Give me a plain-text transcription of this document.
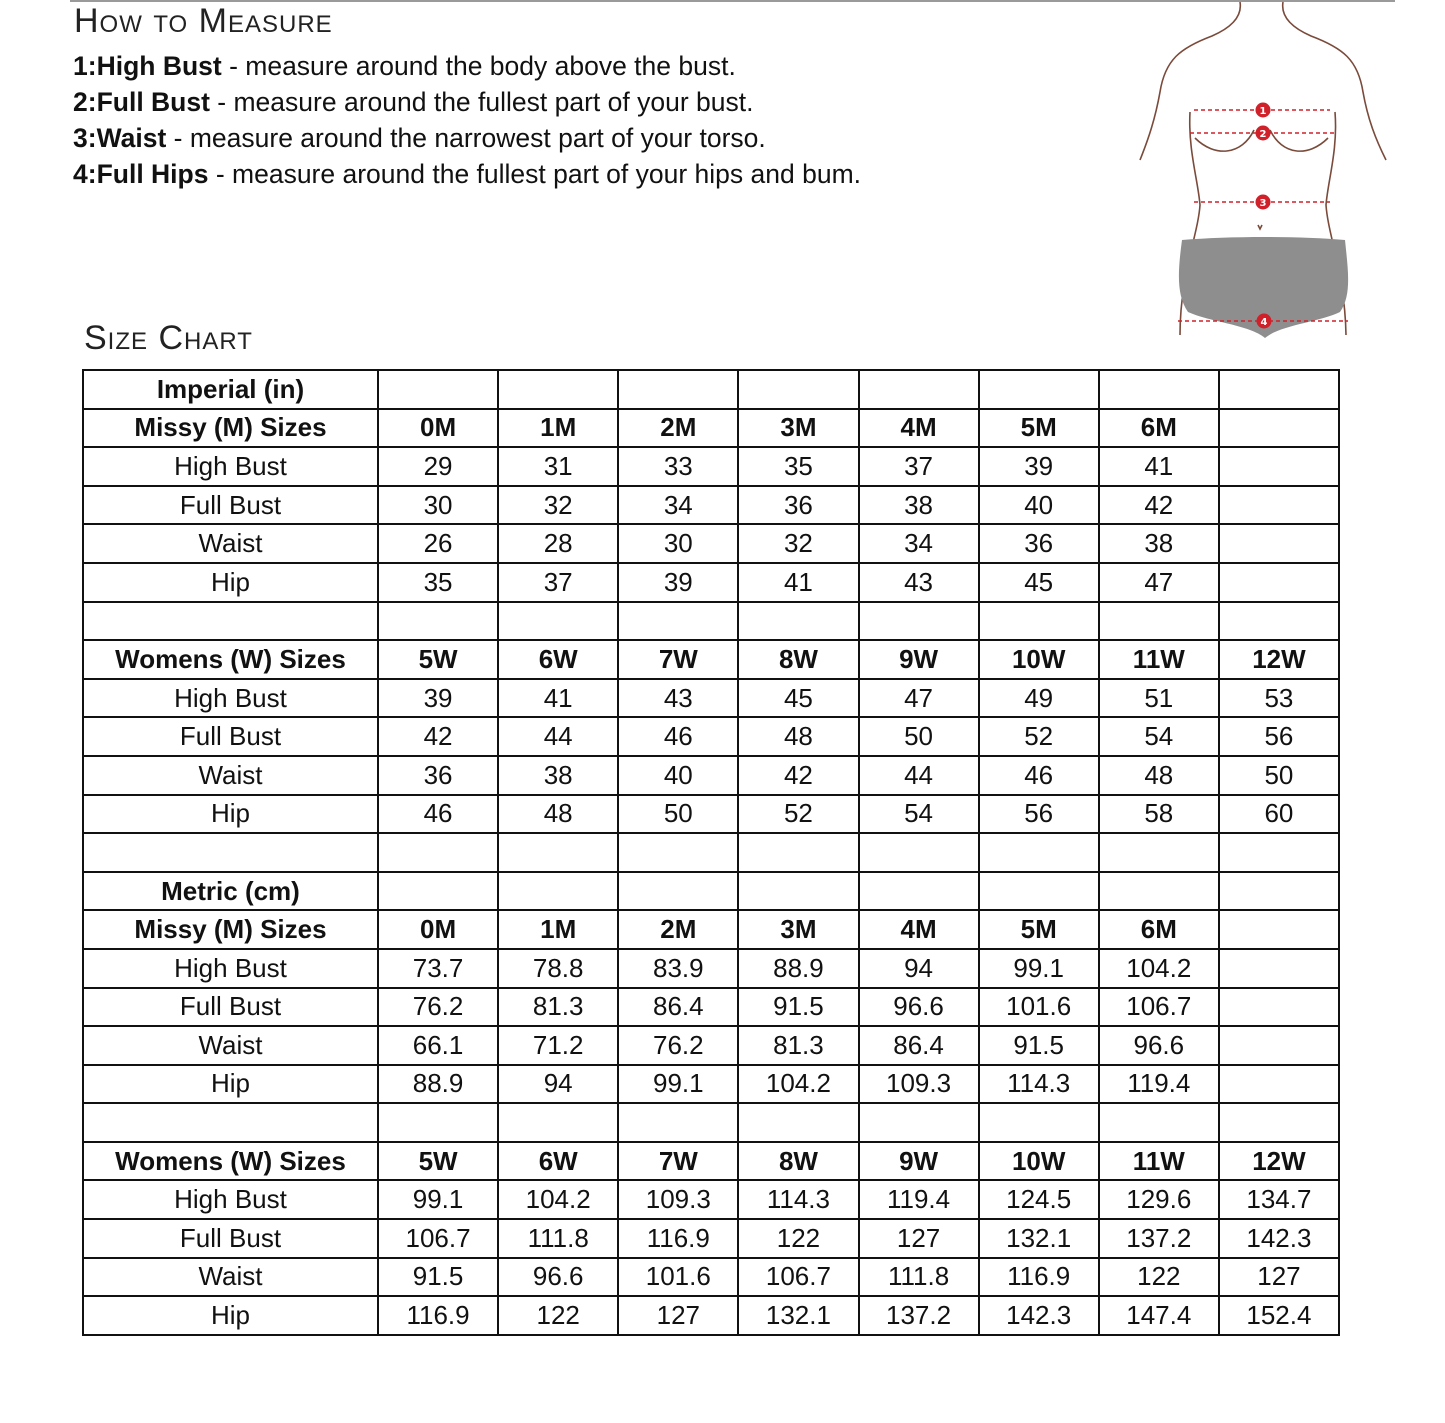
How to Measure
1:High Bust - measure around the body above the bust.
2:Full Bust - measure around the fullest part of your bust.
3:Waist - measure around the narrowest part of your torso.
4:Full Hips - measure around the fullest part of your hips and bum.
1
2
3
4
Size Chart
Imperial (in)								
Missy (M) Sizes	0M	1M	2M	3M	4M	5M	6M	
High Bust	29	31	33	35	37	39	41	
Full Bust	30	32	34	36	38	40	42	
Waist	26	28	30	32	34	36	38	
Hip	35	37	39	41	43	45	47	

Womens (W) Sizes	5W	6W	7W	8W	9W	10W	11W	12W
High Bust	39	41	43	45	47	49	51	53
Full Bust	42	44	46	48	50	52	54	56
Waist	36	38	40	42	44	46	48	50
Hip	46	48	50	52	54	56	58	60

Metric (cm)								
Missy (M) Sizes	0M	1M	2M	3M	4M	5M	6M	
High Bust	73.7	78.8	83.9	88.9	94	99.1	104.2	
Full Bust	76.2	81.3	86.4	91.5	96.6	101.6	106.7	
Waist	66.1	71.2	76.2	81.3	86.4	91.5	96.6	
Hip	88.9	94	99.1	104.2	109.3	114.3	119.4	

Womens (W) Sizes	5W	6W	7W	8W	9W	10W	11W	12W
High Bust	99.1	104.2	109.3	114.3	119.4	124.5	129.6	134.7
Full Bust	106.7	111.8	116.9	122	127	132.1	137.2	142.3
Waist	91.5	96.6	101.6	106.7	111.8	116.9	122	127
Hip	116.9	122	127	132.1	137.2	142.3	147.4	152.4
